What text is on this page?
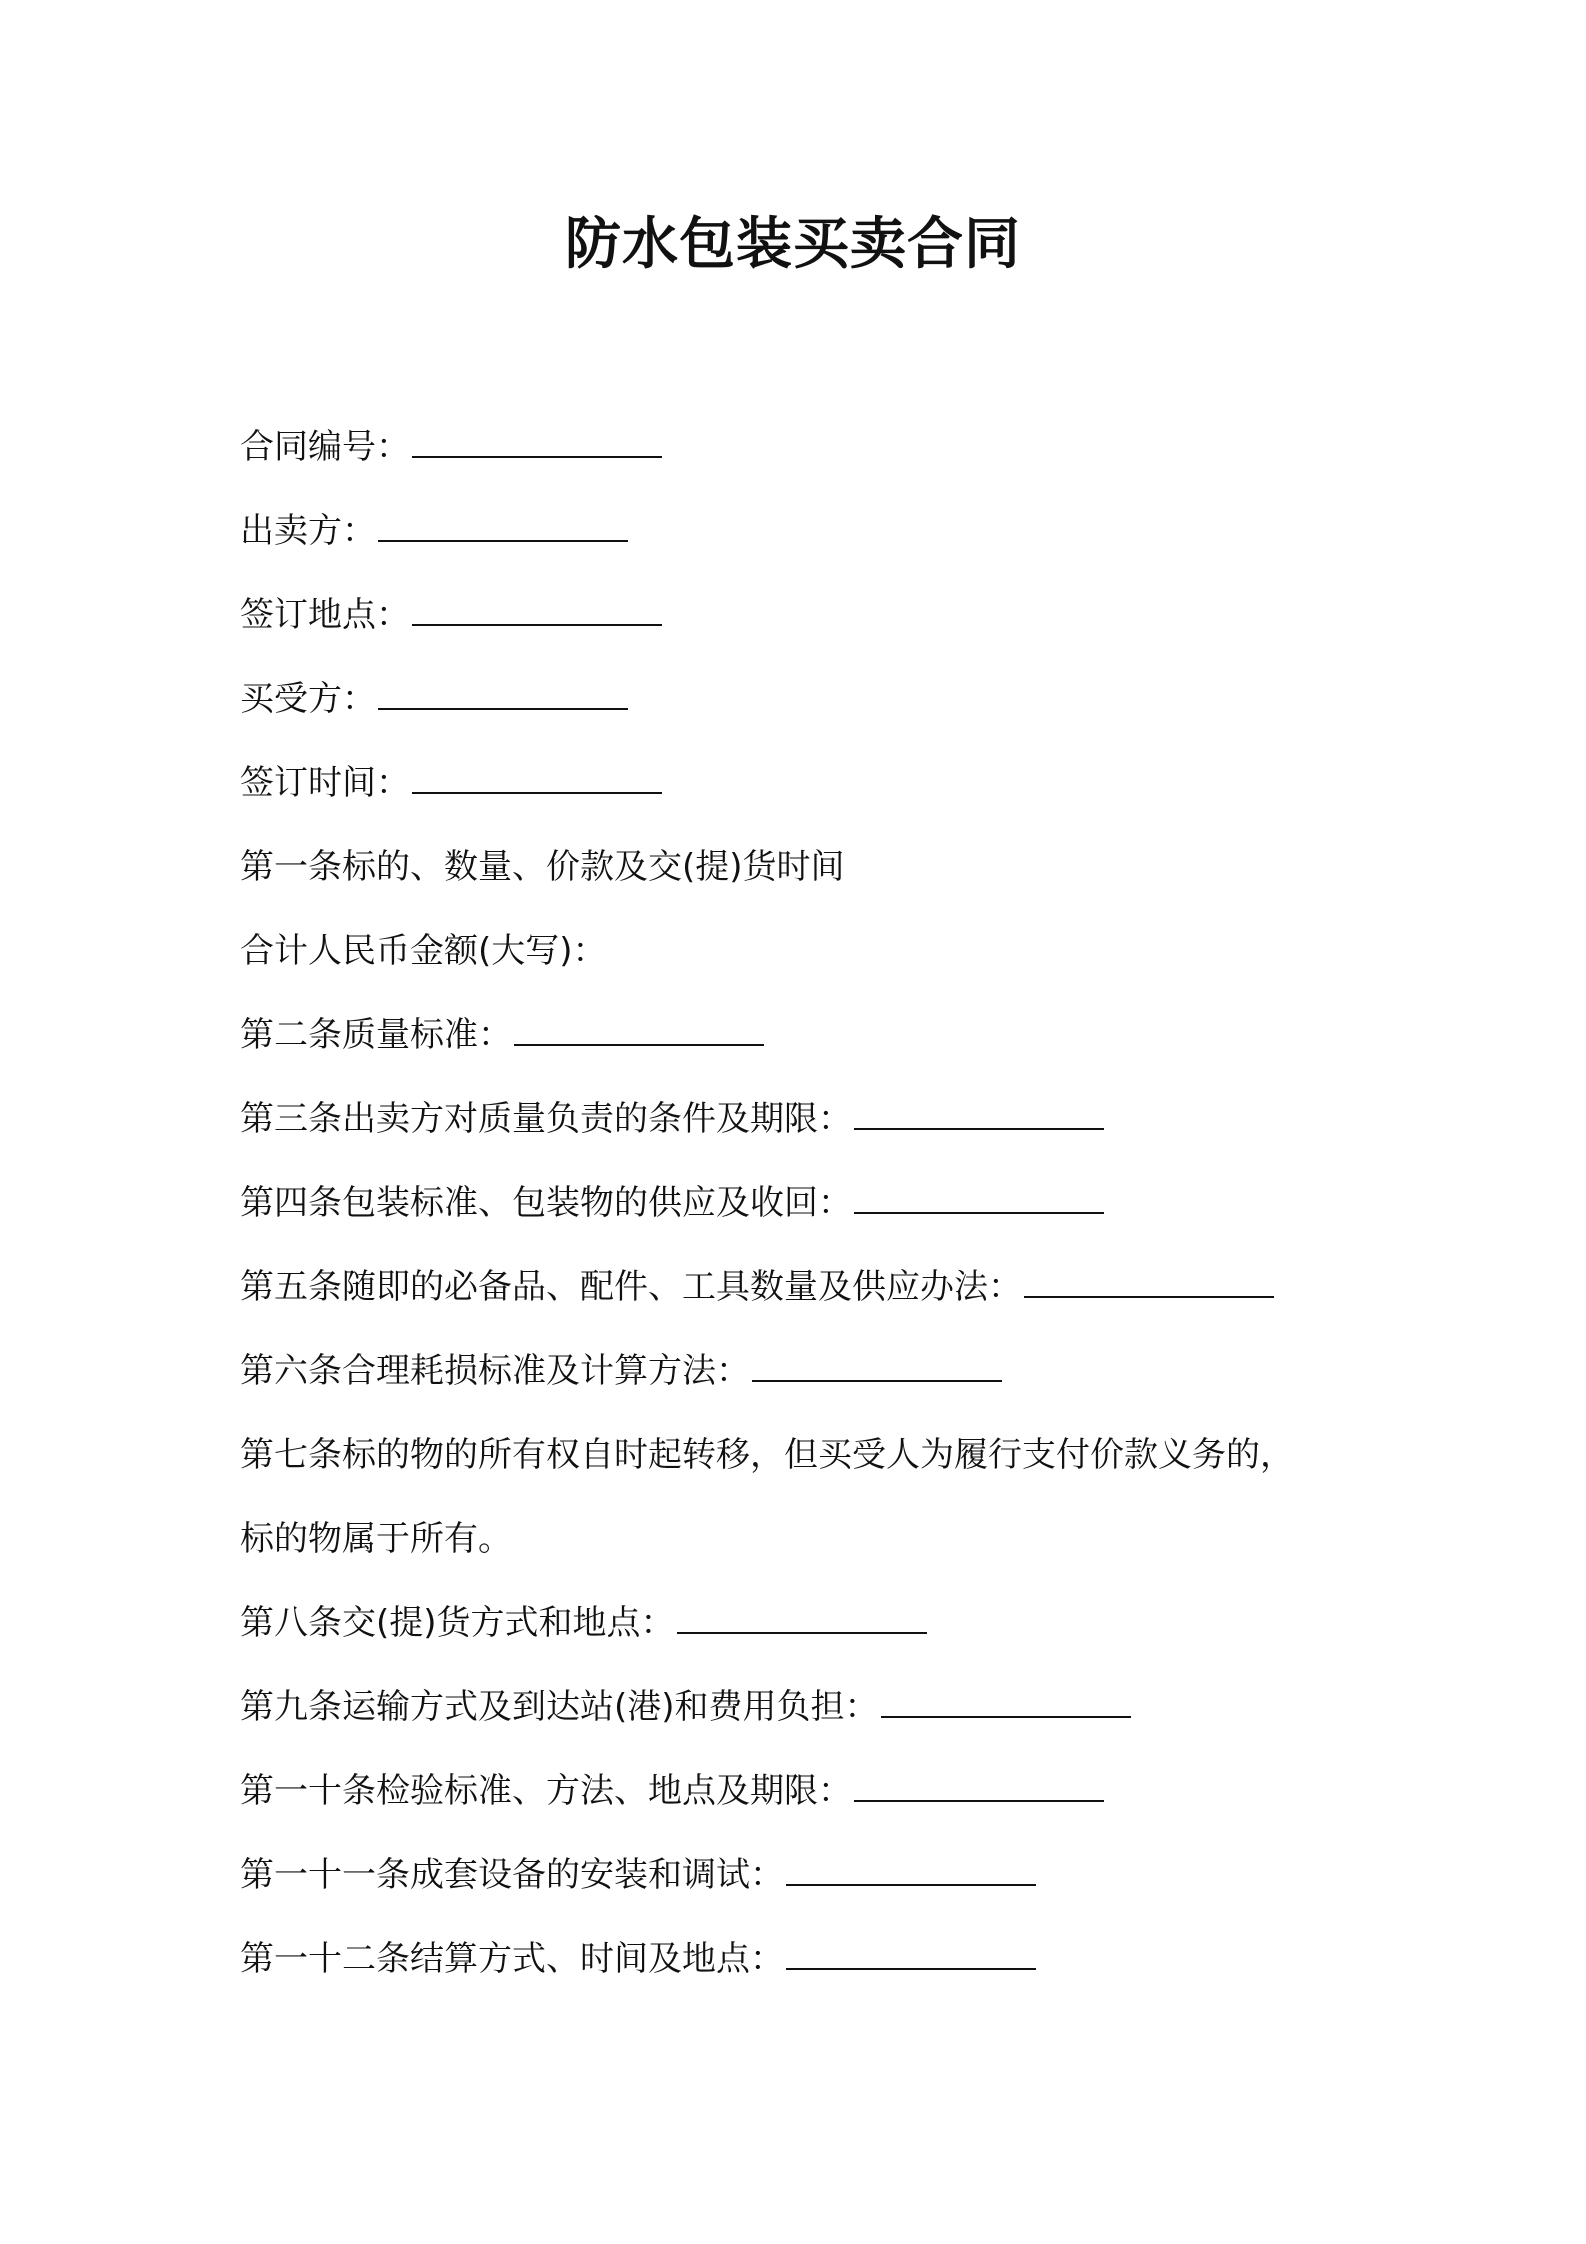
防水包装买卖合同
合同编号：
出卖方：
签订地点：
买受方：
签订时间：
第一条标的、数量、价款及交(提)货时间
合计人民币金额(大写)：
第二条质量标准：
第三条出卖方对质量负责的条件及期限：
第四条包装标准、包装物的供应及收回：
第五条随即的必备品、配件、工具数量及供应办法：
第六条合理耗损标准及计算方法：
第七条标的物的所有权自时起转移，但买受人为履行支付价款义务的，
标的物属于所有。
第八条交(提)货方式和地点：
第九条运输方式及到达站(港)和费用负担：
第一十条检验标准、方法、地点及期限：
第一十一条成套设备的安装和调试：
第一十二条结算方式、时间及地点：
